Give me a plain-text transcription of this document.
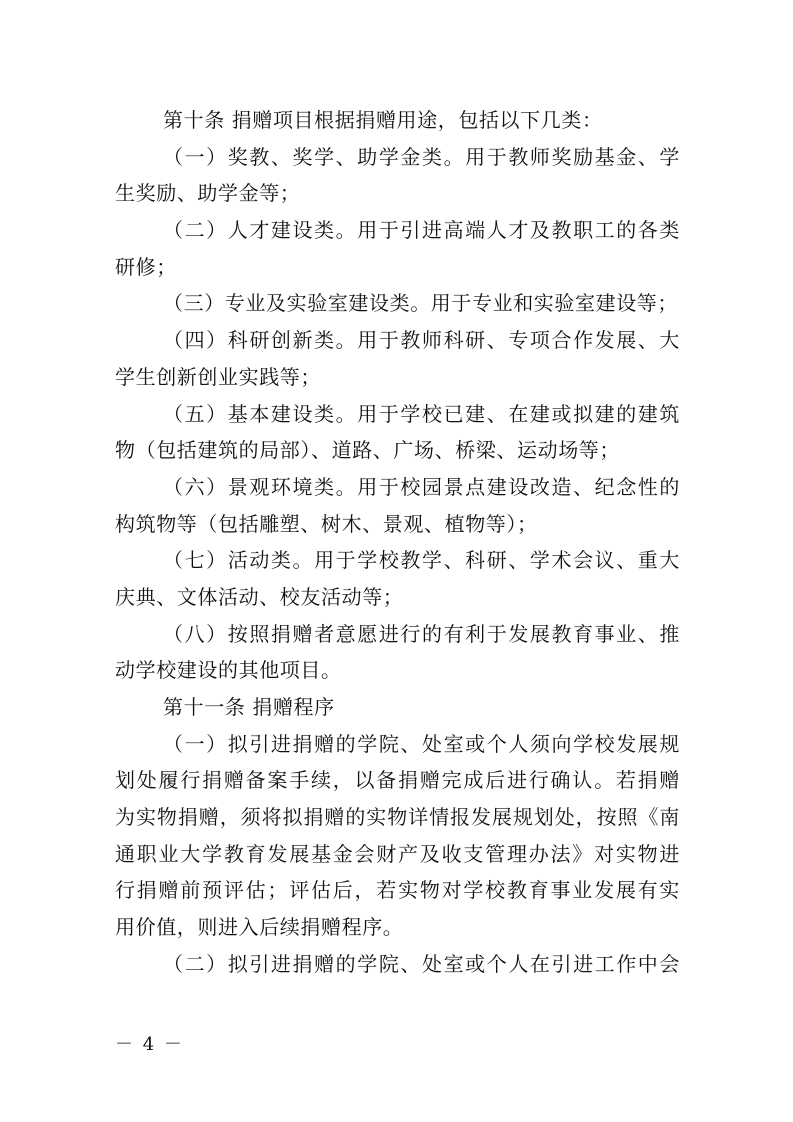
第十条 捐赠项目根据捐赠用途，包括以下几类：
（一）奖教、奖学、助学金类。用于教师奖励基金、学
生奖励、助学金等；
（二）人才建设类。用于引进高端人才及教职工的各类
研修；
（三）专业及实验室建设类。用于专业和实验室建设等；
（四）科研创新类。用于教师科研、专项合作发展、大
学生创新创业实践等；
（五）基本建设类。用于学校已建、在建或拟建的建筑
物（包括建筑的局部）、道路、广场、桥梁、运动场等；
（六）景观环境类。用于校园景点建设改造、纪念性的
构筑物等（包括雕塑、树木、景观、植物等）；
（七）活动类。用于学校教学、科研、学术会议、重大
庆典、文体活动、校友活动等；
（八）按照捐赠者意愿进行的有利于发展教育事业、推
动学校建设的其他项目。
第十一条 捐赠程序
（一）拟引进捐赠的学院、处室或个人须向学校发展规
划处履行捐赠备案手续，以备捐赠完成后进行确认。若捐赠
为实物捐赠，须将拟捐赠的实物详情报发展规划处，按照《南
通职业大学教育发展基金会财产及收支管理办法》对实物进
行捐赠前预评估；评估后，若实物对学校教育事业发展有实
用价值，则进入后续捐赠程序。
（二）拟引进捐赠的学院、处室或个人在引进工作中会
－ 4 －
